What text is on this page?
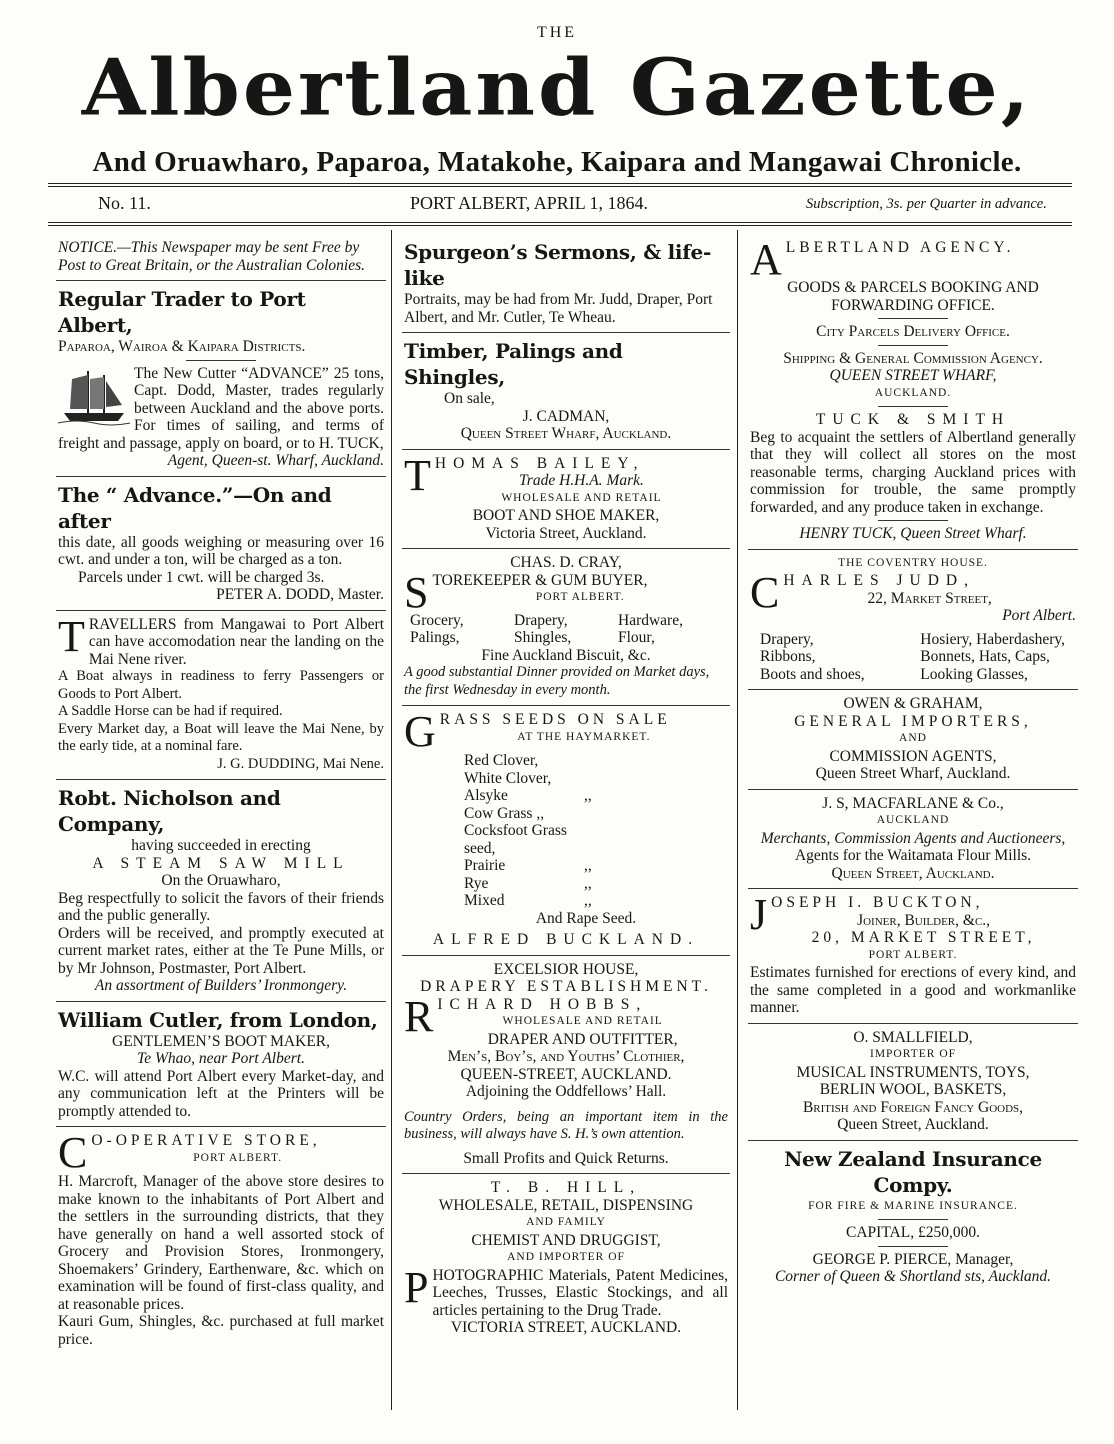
THE
Albertland Gazette,
And Oruawharo, Paparoa, Matakohe, Kaipara and Mangawai Chronicle.
No. 11.	PORT ALBERT, APRIL 1, 1864.	Subscription, 3s. per Quarter in advance.

NOTICE.—This Newspaper may be sent Free by Post to Great Britain, or the Australian Colonies.

Regular Trader to Port Albert,

Paparoa, Wairoa & Kaipara Districts.

The New Cutter “ADVANCE” 25 tons, Capt. Dodd, Master, trades regularly between Auckland and the above ports. For times of sailing, and terms of freight and passage, apply on board, or to H. TUCK,

Agent, Queen-st. Wharf, Auckland.

The “ Advance.”—On and after

this date, all goods weighing or measuring over 16 cwt. and under a ton, will be charged as a ton.

Parcels under 1 cwt. will be charged 3s.

PETER A. DODD, Master.

T RAVELLERS from Mangawai to Port Albert can have accomodation near the landing on the Mai Nene river.

A Boat always in readiness to ferry Passengers or Goods to Port Albert.

A Saddle Horse can be had if required.

Every Market day, a Boat will leave the Mai Nene, by the early tide, at a nominal fare.

J. G. DUDDING, Mai Nene.

Robt. Nicholson and Company,

having succeeded in erecting

A STEAM SAW MILL

On the Oruawharo,

Beg respectfully to solicit the favors of their friends and the public generally.

Orders will be received, and promptly executed at current market rates, either at the Te Pune Mills, or by Mr Johnson, Postmaster, Port Albert.

An assortment of Builders’ Ironmongery.

William Cutler, from London,

GENTLEMEN’S BOOT MAKER,

Te Whao, near Port Albert.

W.C. will attend Port Albert every Market-day, and any communication left at the Printers will be promptly attended to.

C O-OPERATIVE STORE,

PORT ALBERT.

H. Marcroft, Manager of the above store desires to make known to the inhabitants of Port Albert and the settlers in the surrounding districts, that they have generally on hand a well assorted stock of Grocery and Provision Stores, Ironmongery, Shoemakers’ Grindery, Earthenware, &c. which on examination will be found of first-class quality, and at reasonable prices.

Kauri Gum, Shingles, &c. purchased at full market price.

Spurgeon’s Sermons, & life-like

Portraits, may be had from Mr. Judd, Draper, Port Albert, and Mr. Cutler, Te Wheau.

Timber, Palings and Shingles,

On sale,

J. CADMAN,

Queen Street Wharf, Auckland.

T HOMAS BAILEY,

Trade H.H.A. Mark.

WHOLESALE AND RETAIL

BOOT AND SHOE MAKER,

Victoria Street, Auckland.

CHAS. D. CRAY,

S TOREKEEPER & GUM BUYER,

PORT ALBERT.

Grocery,	Drapery,	Hardware,
Palings,	Shingles,	Flour,

Fine Auckland Biscuit, &c.

A good substantial Dinner provided on Market days, the first Wednesday in every month.

G RASS SEEDS ON SALE

AT THE HAYMARKET.

Red Clover,
White Clover,
Alsyke	,,
Cow Grass ,,
Cocksfoot Grass seed,
Prairie	,,
Rye	,,
Mixed	,,

And Rape Seed.

ALFRED BUCKLAND.

EXCELSIOR HOUSE,

DRAPERY ESTABLISHMENT.

R ICHARD HOBBS,

WHOLESALE AND RETAIL

DRAPER AND OUTFITTER,

Men’s, Boy’s, and Youths’ Clothier,

QUEEN-STREET, AUCKLAND.

Adjoining the Oddfellows’ Hall.

Country Orders, being an important item in the business, will always have S. H.’s own attention.

Small Profits and Quick Returns.

T. B. HILL,

WHOLESALE, RETAIL, DISPENSING

AND FAMILY

CHEMIST AND DRUGGIST,

AND IMPORTER OF

P HOTOGRAPHIC Materials, Patent Medicines, Leeches, Trusses, Elastic Stockings, and all articles pertaining to the Drug Trade.

VICTORIA STREET, AUCKLAND.

A LBERTLAND AGENCY.

GOODS & PARCELS BOOKING AND FORWARDING OFFICE.

City Parcels Delivery Office.

Shipping & General Commission Agency.

QUEEN STREET WHARF,

AUCKLAND.

TUCK & SMITH

Beg to acquaint the settlers of Albertland generally that they will collect all stores on the most reasonable terms, charging Auckland prices with commission for trouble, the same promptly forwarded, and any produce taken in exchange.

HENRY TUCK, Queen Street Wharf.

THE COVENTRY HOUSE.

C HARLES JUDD,

22, Market Street,

Port Albert.

Drapery,	Hosiery, Haberdashery,
Ribbons,	Bonnets, Hats, Caps,
Boots and shoes,	Looking Glasses,

OWEN & GRAHAM,

GENERAL IMPORTERS,

AND

COMMISSION AGENTS,

Queen Street Wharf, Auckland.

J. S, MACFARLANE & Co.,

AUCKLAND

Merchants, Commission Agents and Auctioneers,

Agents for the Waitamata Flour Mills.

Queen Street, Auckland.

J OSEPH I. BUCKTON,

Joiner, Builder, &c.,

20, MARKET STREET,

PORT ALBERT.

Estimates furnished for erections of every kind, and the same completed in a good and workmanlike manner.

O. SMALLFIELD,

IMPORTER OF

MUSICAL INSTRUMENTS, TOYS,

BERLIN WOOL, BASKETS,

British and Foreign Fancy Goods,

Queen Street, Auckland.

New Zealand Insurance Compy.

FOR FIRE & MARINE INSURANCE.

CAPITAL, £250,000.

GEORGE P. PIERCE, Manager,

Corner of Queen & Shortland sts, Auckland.
